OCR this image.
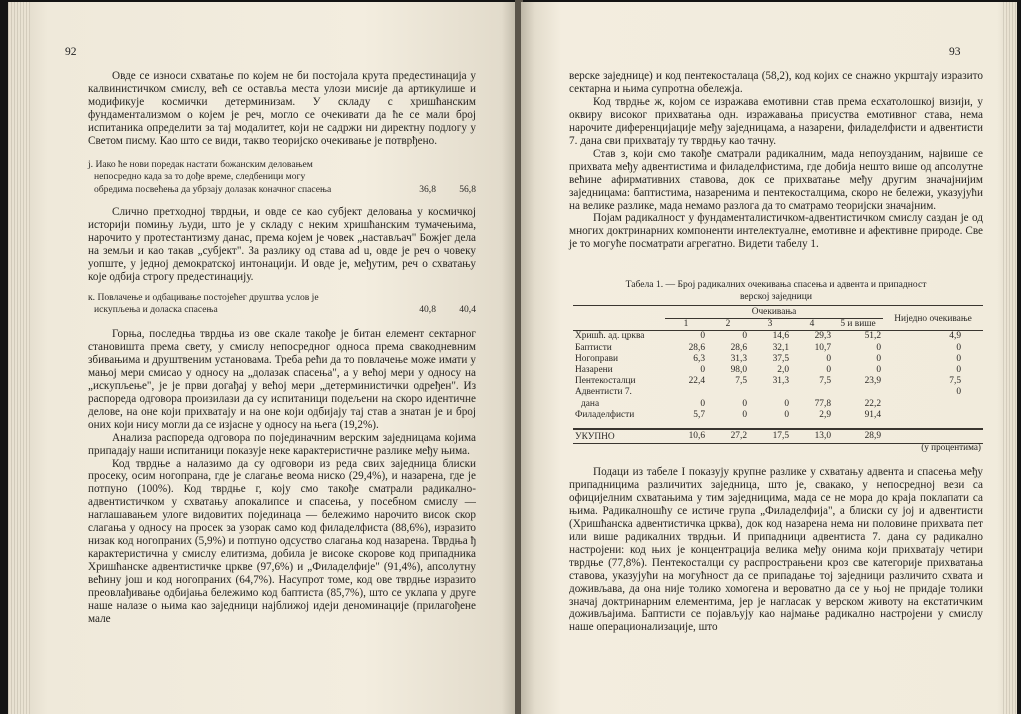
92

Овде се износи схватање по којем не би постојала крута предестинација у калвинистичком смислу, већ се оставља места улози мисије да артикулише и модификује космички детерминизам. У складу с хришћанским фундаментализмом о којем је реч, могло се очекивати да ће се мали број испитаника определити за тај модалитет, који не садржи ни директну подлогу у Светом писму. Као што се види, такво теоријско очекивање је потврђено.

ј. Иако ће нови поредак настати божанским деловањем
непосредно када за то дође време, следбеници могу
обредима посвећења да убрзају долазак коначног спасења	36,8	56,8

Слично претходној тврдњи, и овде се као субјект деловања у космичкој историји помињу људи, што је у складу с неким хришћанским тумачењима, нарочито у протестантизму данас, према којем је човек „настављач" Божјег дела на земљи и као такав „субјект". За разлику од става ad u, овде је реч о човеку уопште, у једној демократској интонацији. И овде је, међутим, реч о схватању које одбија строгу предестинацију.

к. Повлачење и одбацивање постојећег друштва услов је
искупљења и доласка спасења	40,8	40,4

Горња, последња тврдња из ове скале такође је битан елемент сектарног становишта према свету, у смислу непосредног односа према свакодневним збивањима и друштвеним установама. Треба рећи да то повлачење може имати у мањој мери смисао у односу на „долазак спасења", а у већој мери у односу на „искупљење", је је први догађај у већој мери „детерминистички одређен". Из распореда одговора произилази да су испитаници подељени на скоро идентичне делове, на оне који прихватају и на оне који одбијају тај став а знатан је и број оних који нису могли да се изјасне у односу на њега (19,2%).

Анализа распореда одговора по појединачним верским заједницама којима припадају наши испитаници показује неке карактеристичне разлике међу њима.

Код тврдње а налазимо да су одговори из реда свих заједница блиски просеку, осим ногопрана, где је слагање веома ниско (29,4%), и назарена, где је потпуно (100%). Код тврдње г, коју смо такође сматрали радикално-адвентистичком у схватању апокалипсе и спасења, у посебном смислу — наглашавањем улоге видовитих појединаца — бележимо нарочито висок скор слагања у односу на просек за узорак само код филаделфиста (88,6%), изразито низак код ногопраних (5,9%) и потпуно одсуство слагања код назарена. Тврдња ђ карактеристична у смислу елитизма, добила је високе скорове код припадника Хришћанске адвентистичке цркве (97,6%) и „Филаделфије" (91,4%), апсолутну већину још и код ногопраних (64,7%). Насупрот томе, код ове тврдње изразито преовлађивање одбијања бележимо код баптиста (85,7%), што се уклапа у друге наше налазе о њима као заједници најближој идеји деноминације (прилагођене мале

93

верске заједнице) и код пентекосталаца (58,2), код којих се снажно укрштају изразито сектарна и њима супротна обележја.

Код тврдње ж, којом се изражава емотивни став према есхатолошкој визији, у оквиру високог прихватања одн. изражавања присуства емотивног става, нема нарочите диференцијације међу заједницама, а назарени, филаделфисти и адвентисти 7. дана сви прихватају ту тврдњу као тачну.

Став з, који смо такође сматрали радикалним, мада непоузданим, највише се прихвата међу адвентистима и филаделфистима, где добија нешто више од апсолутне већине афирмативних ставова, док се прихватање међу другим значајнијим заједницама: баптистима, назаренима и пентекосталцима, скоро не бележи, указујући на велике разлике, мада немамо разлога да то сматрамо теоријски значајним.

Појам радикалност у фундаменталистичком-адвентистичком смислу саздан је од многих доктринарних компоненти интелектуалне, емотивне и афективне природе. Све је то могуће посматрати агрегатно. Видети табелу 1.

Табела 1. — Број радикалних очекивања спасења и адвента и припадност
верској заједници
	Очекивања					Ниједно очекивање
	1	2	3	4	5 и више	
Хришћ. ад. црква	0	0	14,6	29,3	51,2	4,9
Баптисти	28,6	28,6	32,1	10,7	0	0
Ногоправи	6,3	31,3	37,5	0	0	0
Назарени	0	98,0	2,0	0	0	0
Пентекосталци	22,4	7,5	31,3	7,5	23,9	7,5
Адвентисти 7.						0
дана	0	0	0	77,8	22,2	
Филаделфисти	5,7	0	0	2,9	91,4	

УКУПНО	10,6	27,2	17,5	13,0	28,9	
(у процентима)

Подаци из табеле I показују крупне разлике у схватању адвента и спасења међу припадницима различитих заједница, што је, свакако, у непосредној вези са официјелним схватањима у тим заједницима, мада се не мора до краја поклапати са њима. Радикалношћу се истиче група „Филаделфија", а блиски су јој и адвентисти (Хришћанска адвентистичка црква), док код назарена нема ни половине прихвата пет или више радикалних тврдњи. И припадници адвентиста 7. дана су радикално настројени: код њих је концентрација велика међу онима који прихватају четири тврдње (77,8%). Пентекосталци су распрострањени кроз све категорије прихватања ставова, указујући на могућност да се припадање тој заједници различито схвата и доживљава, да она није толико хомогена и вероватно да се у њој не придаје толики значај доктринарним елементима, јер је нагласак у верском животу на екстатичким доживљајима. Баптисти се појављују као најмање радикално настројени у смислу наше операционализације, што
